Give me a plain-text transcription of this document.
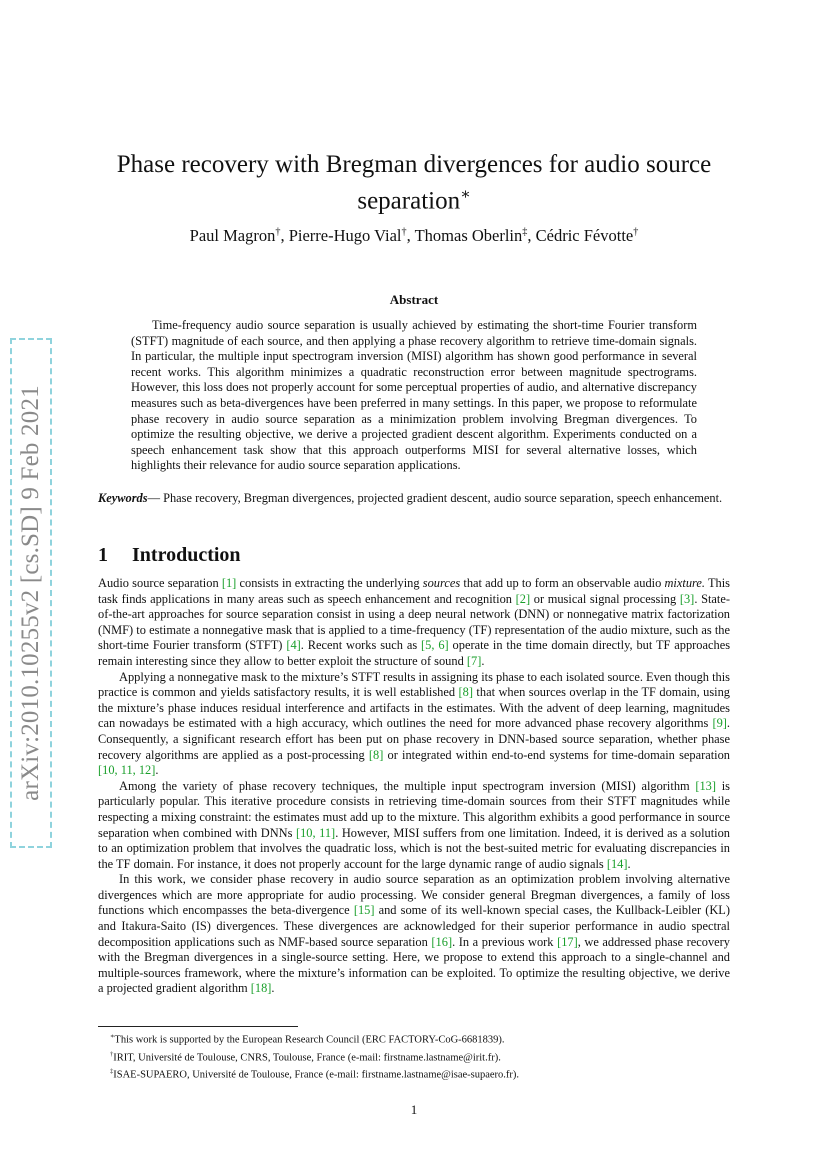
arXiv:2010.10255v2 [cs.SD] 9 Feb 2021
Phase recovery with Bregman divergences for audio source separation∗
Paul Magron†, Pierre-Hugo Vial†, Thomas Oberlin‡, Cédric Févotte†
Abstract
Time-frequency audio source separation is usually achieved by estimating the short-time Fourier transform (STFT) magnitude of each source, and then applying a phase recovery algorithm to retrieve time-domain signals. In particular, the multiple input spectrogram inversion (MISI) algorithm has shown good performance in several recent works. This algorithm minimizes a quadratic reconstruction error between magnitude spectrograms. However, this loss does not properly account for some perceptual properties of audio, and alternative discrepancy measures such as beta-divergences have been preferred in many settings. In this paper, we propose to reformulate phase recovery in audio source separation as a minimization problem involving Bregman divergences. To optimize the resulting objective, we derive a projected gradient descent algorithm. Experiments conducted on a speech enhancement task show that this approach outperforms MISI for several alternative losses, which highlights their relevance for audio source separation applications.
Keywords— Phase recovery, Bregman divergences, projected gradient descent, audio source separation, speech enhancement.
1 Introduction

Audio source separation [1] consists in extracting the underlying sources that add up to form an observable audio mixture. This task finds applications in many areas such as speech enhancement and recognition [2] or musical signal processing [3]. State-of-the-art approaches for source separation consist in using a deep neural network (DNN) or nonnegative matrix factorization (NMF) to estimate a nonnegative mask that is applied to a time-frequency (TF) representation of the audio mixture, such as the short-time Fourier transform (STFT) [4]. Recent works such as [5, 6] operate in the time domain directly, but TF approaches remain interesting since they allow to better exploit the structure of sound [7].

Applying a nonnegative mask to the mixture’s STFT results in assigning its phase to each isolated source. Even though this practice is common and yields satisfactory results, it is well established [8] that when sources overlap in the TF domain, using the mixture’s phase induces residual interference and artifacts in the estimates. With the advent of deep learning, magnitudes can nowadays be estimated with a high accuracy, which outlines the need for more advanced phase recovery algorithms [9]. Consequently, a significant research effort has been put on phase recovery in DNN-based source separation, whether phase recovery algorithms are applied as a post-processing [8] or integrated within end-to-end systems for time-domain separation [10, 11, 12].

Among the variety of phase recovery techniques, the multiple input spectrogram inversion (MISI) algorithm [13] is particularly popular. This iterative procedure consists in retrieving time-domain sources from their STFT magnitudes while respecting a mixing constraint: the estimates must add up to the mixture. This algorithm exhibits a good performance in source separation when combined with DNNs [10, 11]. However, MISI suffers from one limitation. Indeed, it is derived as a solution to an optimization problem that involves the quadratic loss, which is not the best-suited metric for evaluating discrepancies in the TF domain. For instance, it does not properly account for the large dynamic range of audio signals [14].

In this work, we consider phase recovery in audio source separation as an optimization problem involving alternative divergences which are more appropriate for audio processing. We consider general Bregman divergences, a family of loss functions which encompasses the beta-divergence [15] and some of its well-known special cases, the Kullback-Leibler (KL) and Itakura-Saito (IS) divergences. These divergences are acknowledged for their superior performance in audio spectral decomposition applications such as NMF-based source separation [16]. In a previous work [17], we addressed phase recovery with the Bregman divergences in a single-source setting. Here, we propose to extend this approach to a single-channel and multiple-sources framework, where the mixture’s information can be exploited. To optimize the resulting objective, we derive a projected gradient algorithm [18].

∗This work is supported by the European Research Council (ERC FACTORY-CoG-6681839).
†IRIT, Université de Toulouse, CNRS, Toulouse, France (e-mail: firstname.lastname@irit.fr).
‡ISAE-SUPAERO, Université de Toulouse, France (e-mail: firstname.lastname@isae-supaero.fr).
1
